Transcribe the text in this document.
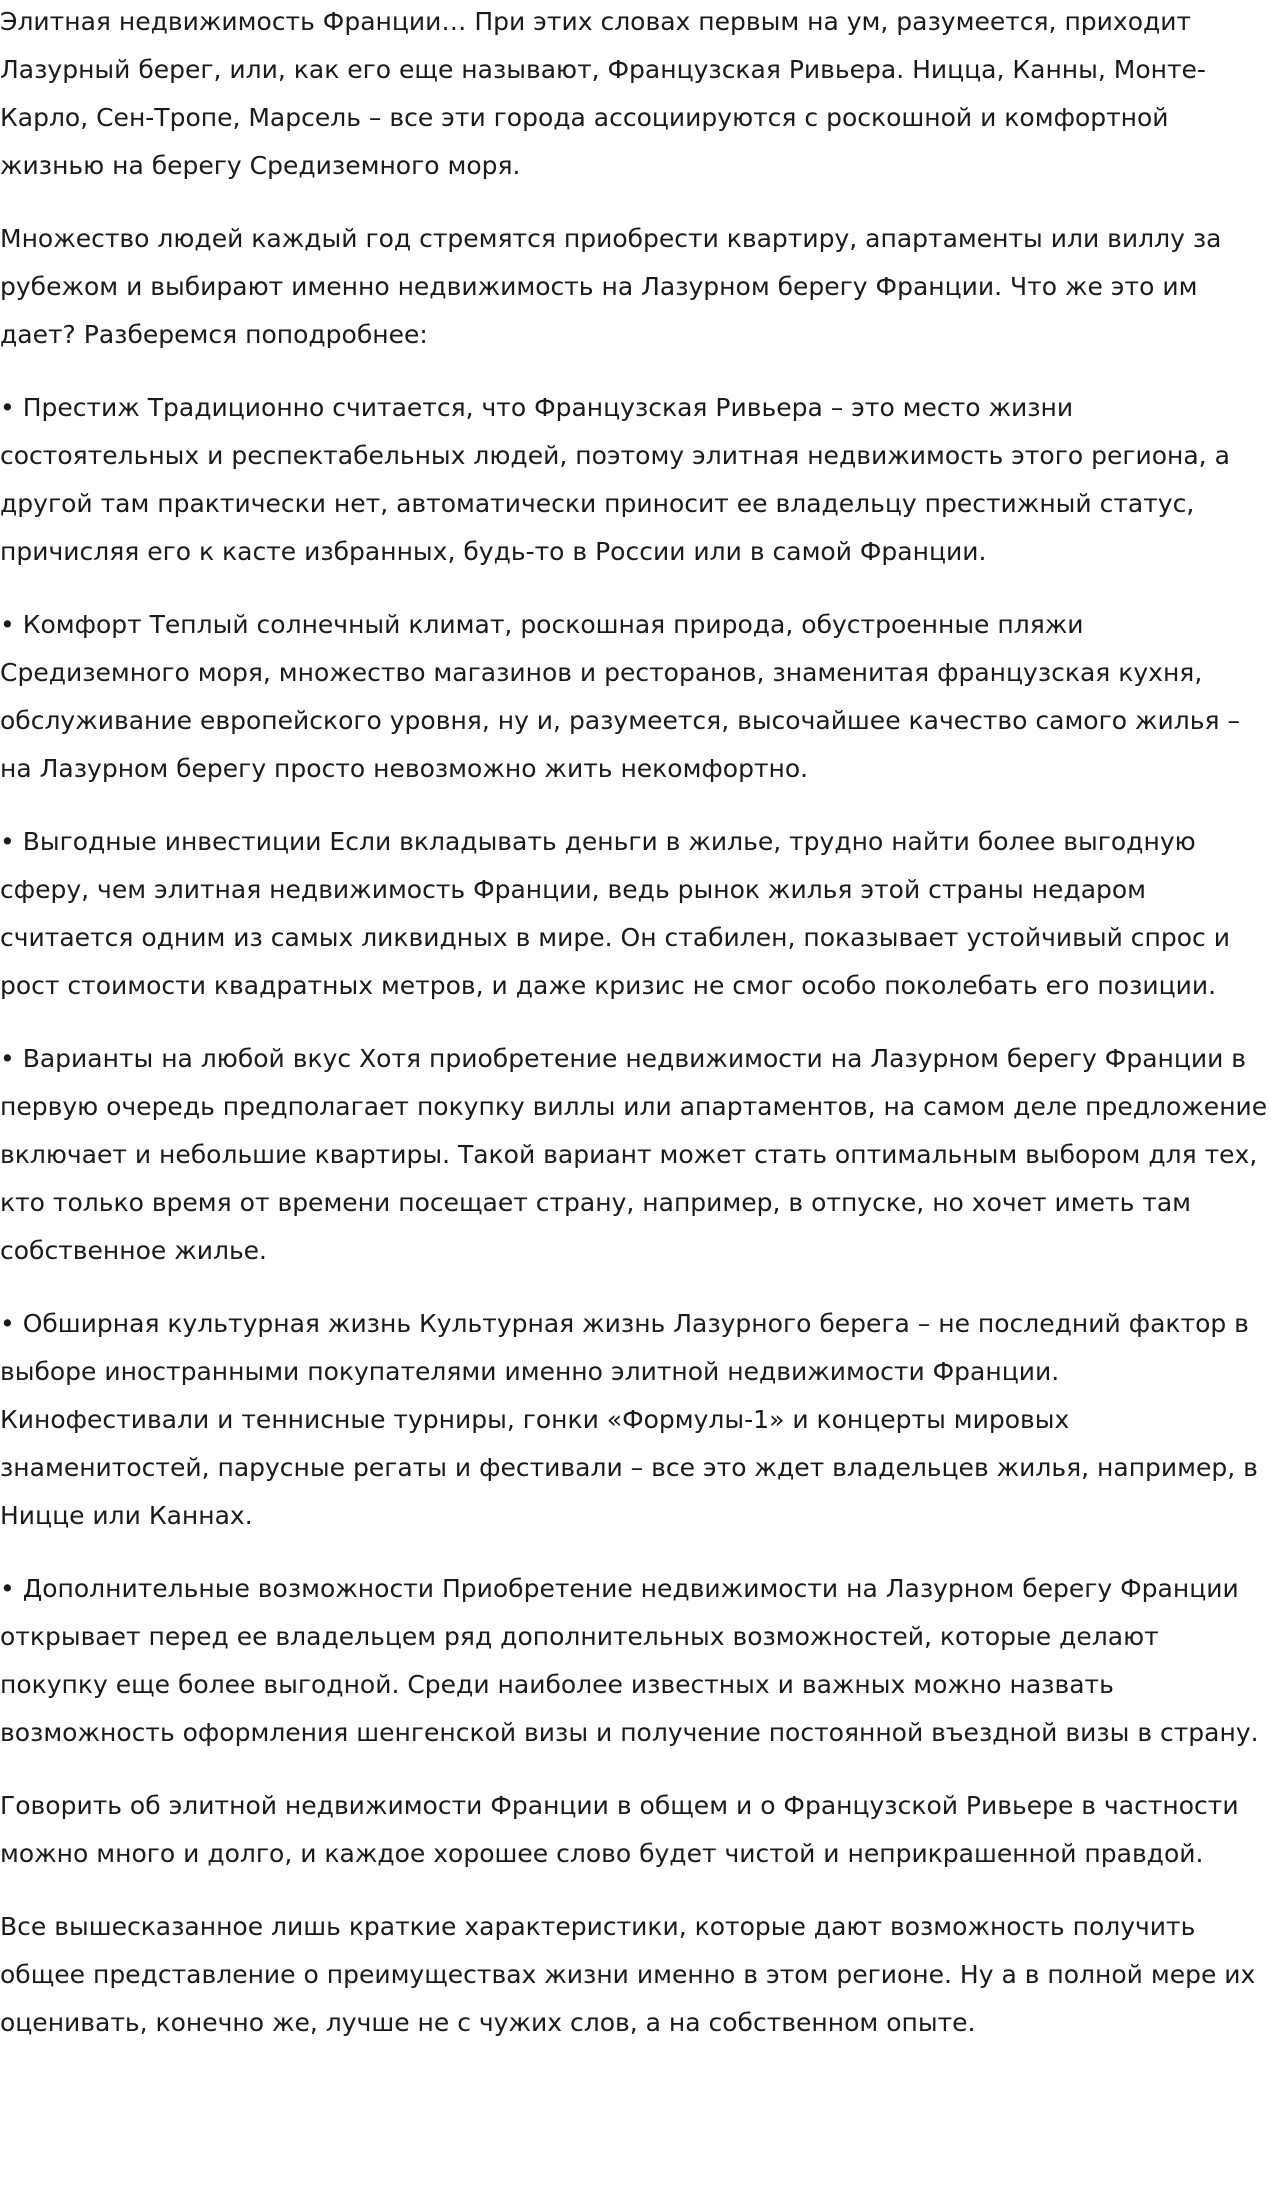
Элитная недвижимость Франции… При этих словах первым на ум, разумеется, приходит Лазурный берег, или, как его еще называют, Французская Ривьера. Ницца, Канны, Монте-Карло, Сен-Тропе, Марсель – все эти города ассоциируются с роскошной и комфортной жизнью на берегу Средиземного моря.

Множество людей каждый год стремятся приобрести квартиру, апартаменты или виллу за рубежом и выбирают именно недвижимость на Лазурном берегу Франции. Что же это им дает? Разберемся поподробнее:

• Престиж Традиционно считается, что Французская Ривьера – это место жизни состоятельных и респектабельных людей, поэтому элитная недвижимость этого региона, а другой там практически нет, автоматически приносит ее владельцу престижный статус, причисляя его к касте избранных, будь-то в России или в самой Франции.

• Комфорт Теплый солнечный климат, роскошная природа, обустроенные пляжи Средиземного моря, множество магазинов и ресторанов, знаменитая французская кухня, обслуживание европейского уровня, ну и, разумеется, высочайшее качество самого жилья – на Лазурном берегу просто невозможно жить некомфортно.

• Выгодные инвестиции Если вкладывать деньги в жилье, трудно найти более выгодную сферу, чем элитная недвижимость Франции, ведь рынок жилья этой страны недаром считается одним из самых ликвидных в мире. Он стабилен, показывает устойчивый спрос и рост стоимости квадратных метров, и даже кризис не смог особо поколебать его позиции.

• Варианты на любой вкус Хотя приобретение недвижимости на Лазурном берегу Франции в первую очередь предполагает покупку виллы или апартаментов, на самом деле предложение включает и небольшие квартиры. Такой вариант может стать оптимальным выбором для тех, кто только время от времени посещает страну, например, в отпуске, но хочет иметь там собственное жилье.

• Обширная культурная жизнь Культурная жизнь Лазурного берега – не последний фактор в выборе иностранными покупателями именно элитной недвижимости Франции. Кинофестивали и теннисные турниры, гонки «Формулы-1» и концерты мировых знаменитостей, парусные регаты и фестивали – все это ждет владельцев жилья, например, в Ницце или Каннах.

• Дополнительные возможности Приобретение недвижимости на Лазурном берегу Франции открывает перед ее владельцем ряд дополнительных возможностей, которые делают покупку еще более выгодной. Среди наиболее известных и важных можно назвать возможность оформления шенгенской визы и получение постоянной въездной визы в страну.

Говорить об элитной недвижимости Франции в общем и о Французской Ривьере в частности можно много и долго, и каждое хорошее слово будет чистой и неприкрашенной правдой.

Все вышесказанное лишь краткие характеристики, которые дают возможность получить общее представление о преимуществах жизни именно в этом регионе. Ну а в полной мере их оценивать, конечно же, лучше не с чужих слов, а на собственном опыте.
